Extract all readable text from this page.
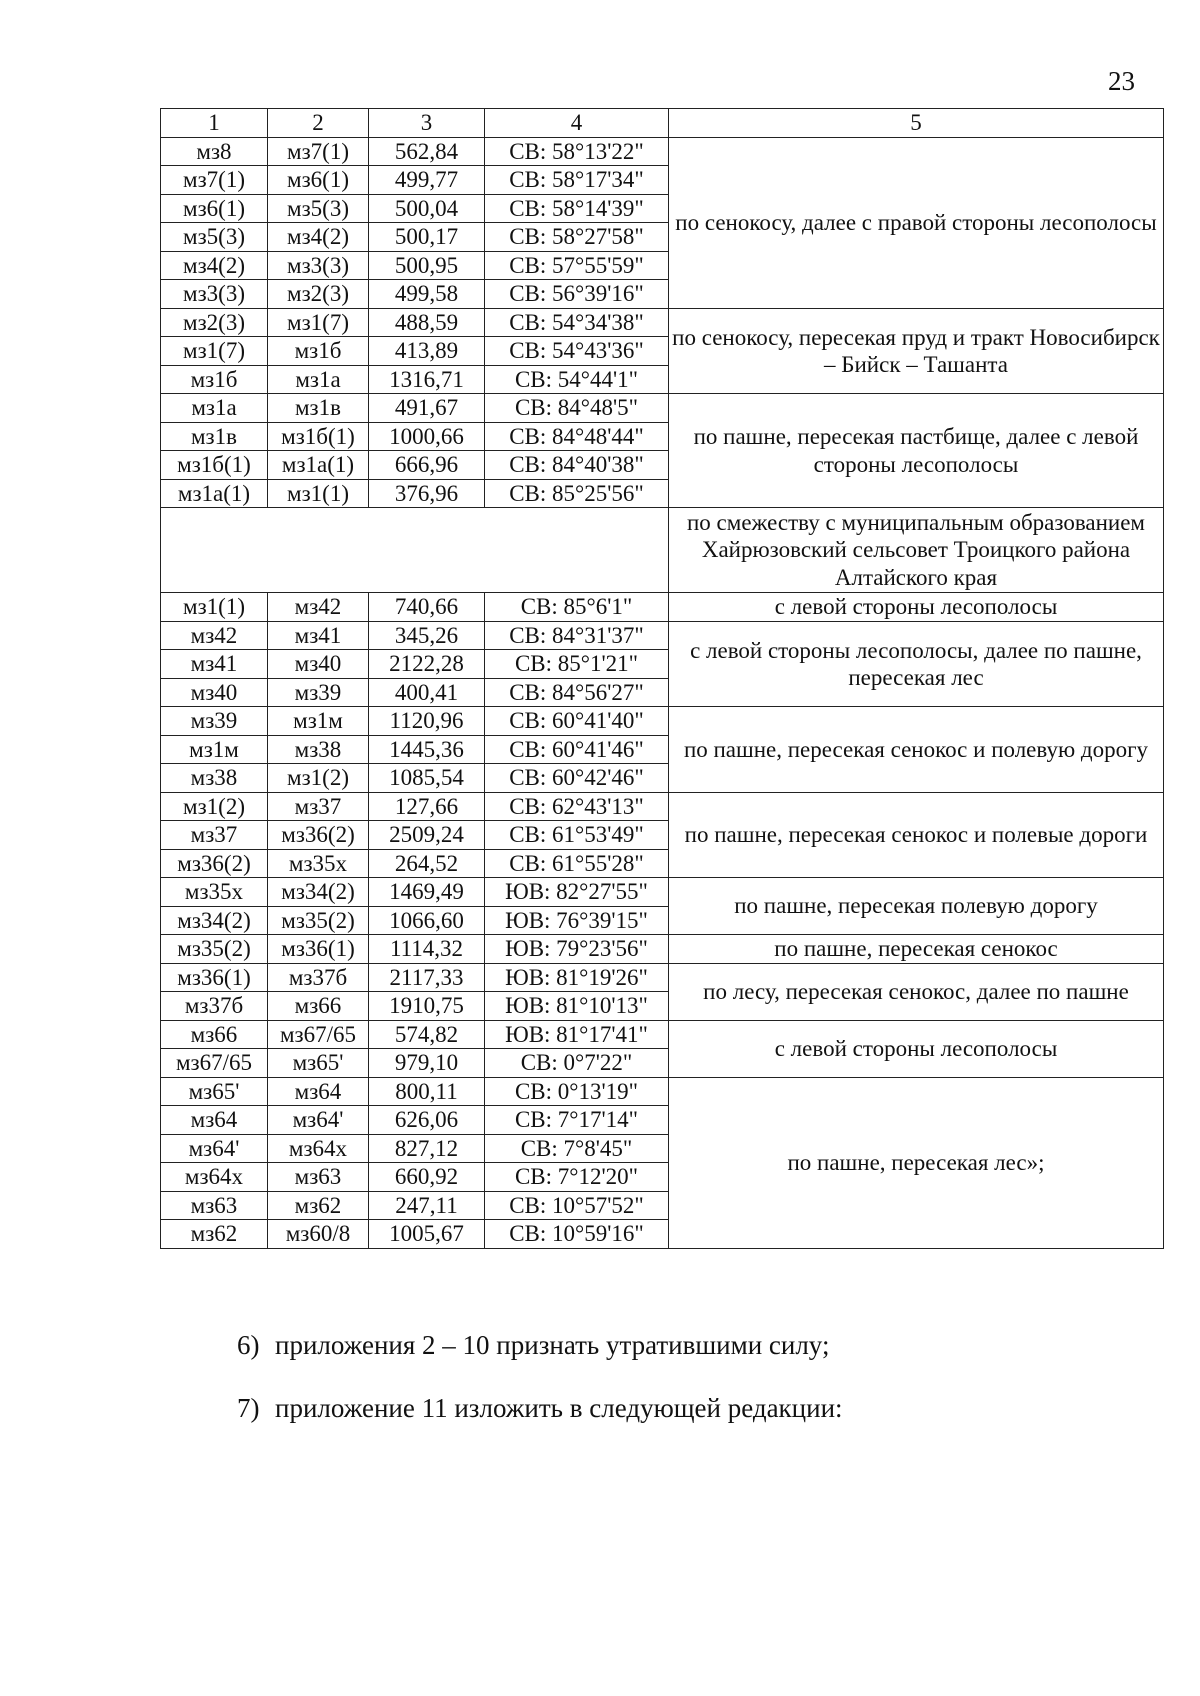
23
1	2	3	4	5
мз8	мз7(1)	562,84	СВ: 58°13'22"	по сенокосу, далее с правой стороны лесополосы
мз7(1)	мз6(1)	499,77	СВ: 58°17'34"	
мз6(1)	мз5(3)	500,04	СВ: 58°14'39"	
мз5(3)	мз4(2)	500,17	СВ: 58°27'58"	
мз4(2)	мз3(3)	500,95	СВ: 57°55'59"	
мз3(3)	мз2(3)	499,58	СВ: 56°39'16"	
мз2(3)	мз1(7)	488,59	СВ: 54°34'38"	по сенокосу, пересекая пруд и тракт Новосибирск – Бийск – Ташанта
мз1(7)	мз1б	413,89	СВ: 54°43'36"	
мз1б	мз1а	1316,71	СВ: 54°44'1"	
мз1а	мз1в	491,67	СВ: 84°48'5"	по пашне, пересекая пастбище, далее с левой стороны лесополосы
мз1в	мз1б(1)	1000,66	СВ: 84°48'44"	
мз1б(1)	мз1а(1)	666,96	СВ: 84°40'38"	
мз1а(1)	мз1(1)	376,96	СВ: 85°25'56"	
				по смежеству с муниципальным образованием Хайрюзовский сельсовет Троицкого района Алтайского края
мз1(1)	мз42	740,66	СВ: 85°6'1"	с левой стороны лесополосы
мз42	мз41	345,26	СВ: 84°31'37"	с левой стороны лесополосы, далее по пашне, пересекая лес
мз41	мз40	2122,28	СВ: 85°1'21"	
мз40	мз39	400,41	СВ: 84°56'27"	
мз39	мз1м	1120,96	СВ: 60°41'40"	по пашне, пересекая сенокос и полевую дорогу
мз1м	мз38	1445,36	СВ: 60°41'46"	
мз38	мз1(2)	1085,54	СВ: 60°42'46"	
мз1(2)	мз37	127,66	СВ: 62°43'13"	по пашне, пересекая сенокос и полевые дороги
мз37	мз36(2)	2509,24	СВ: 61°53'49"	
мз36(2)	мз35х	264,52	СВ: 61°55'28"	
мз35х	мз34(2)	1469,49	ЮВ: 82°27'55"	по пашне, пересекая полевую дорогу
мз34(2)	мз35(2)	1066,60	ЮВ: 76°39'15"	
мз35(2)	мз36(1)	1114,32	ЮВ: 79°23'56"	по пашне, пересекая сенокос
мз36(1)	мз37б	2117,33	ЮВ: 81°19'26"	по лесу, пересекая сенокос, далее по пашне
мз37б	мз66	1910,75	ЮВ: 81°10'13"	
мз66	мз67/65	574,82	ЮВ: 81°17'41"	с левой стороны лесополосы
мз67/65	мз65'	979,10	СВ: 0°7'22"	
мз65'	мз64	800,11	СВ: 0°13'19"	по пашне, пересекая лес»;
мз64	мз64'	626,06	СВ: 7°17'14"	
мз64'	мз64х	827,12	СВ: 7°8'45"	
мз64х	мз63	660,92	СВ: 7°12'20"	
мз63	мз62	247,11	СВ: 10°57'52"	
мз62	мз60/8	1005,67	СВ: 10°59'16"	

6) приложения 2 – 10 признать утратившими силу;

7) приложение 11 изложить в следующей редакции:
